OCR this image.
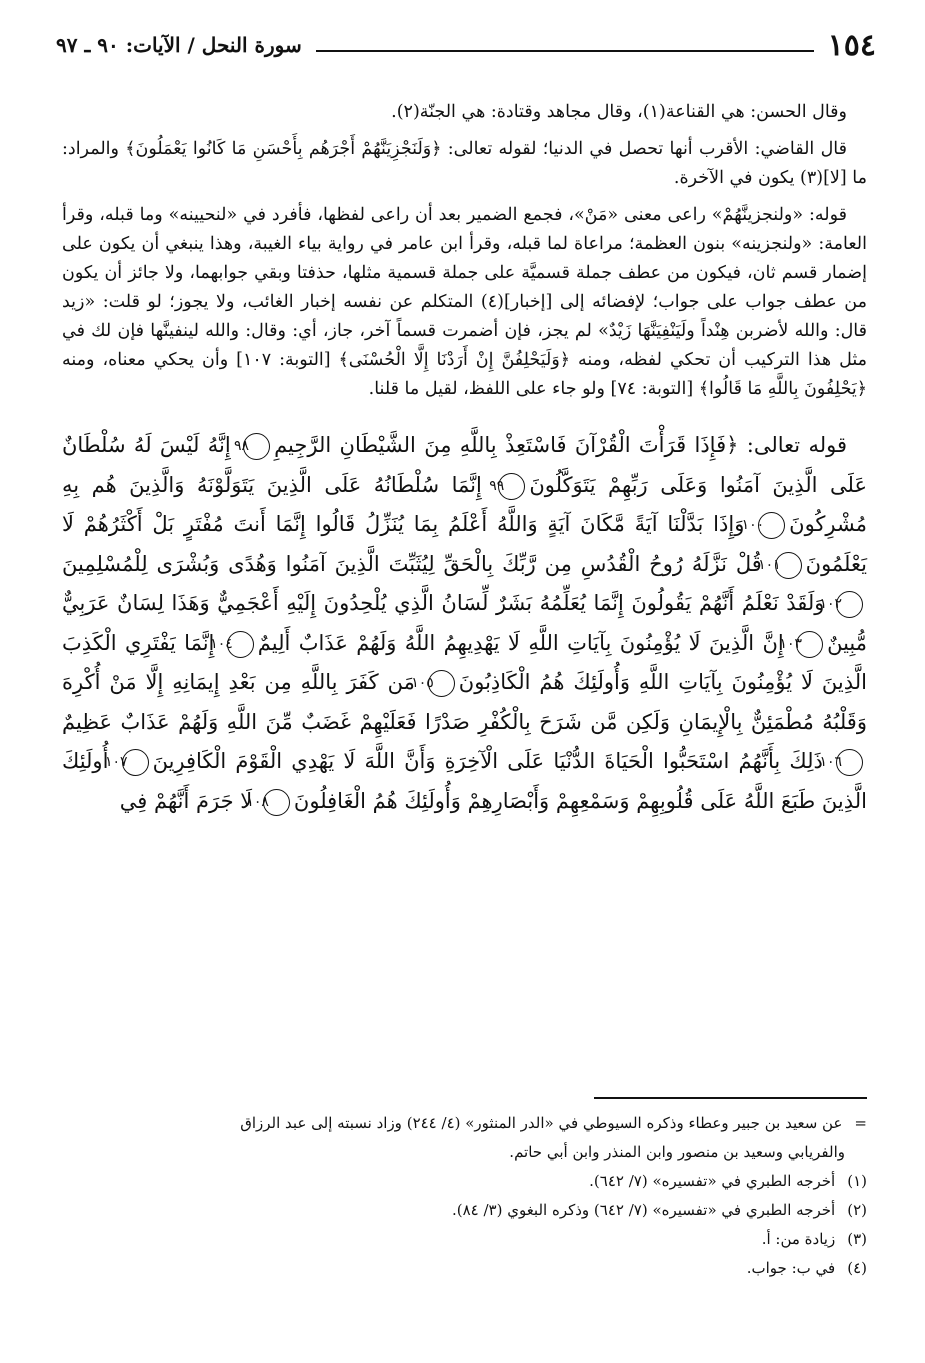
١٥٤
سورة النحل / الآيات: ٩٠ ـ ٩٧

وقال الحسن: هي القناعة(١)، وقال مجاهد وقتادة: هي الجنّة(٢).

قال القاضي: الأقرب أنها تحصل في الدنيا؛ لقوله تعالى: ﴿وَلَنَجْزِيَنَّهُمْ أَجْرَهُم بِأَحْسَنِ مَا كَانُوا يَعْمَلُونَ﴾ والمراد: ما [لا](٣) يكون في الآخرة.

قوله: «ولنجزينَّهُمْ» راعى معنى «مَنْ»، فجمع الضمير بعد أن راعى لفظها، فأفرد في «لنحيينه» وما قبله، وقرأ العامة: «ولنجزينه» بنون العظمة؛ مراعاة لما قبله، وقرأ ابن عامر في رواية بياء الغيبة، وهذا ينبغي أن يكون على إضمار قسم ثان، فيكون من عطف جملة قسميَّة على جملة قسمية مثلها، حذفتا وبقي جوابهما، ولا جائز أن يكون من عطف جواب على جواب؛ لإفضائه إلى [إخبار](٤) المتكلم عن نفسه إخبار الغائب، ولا يجوز؛ لو قلت: «زيد قال: والله لأضربن هِنْداً ولَيَنْفِيَنَّهَا زَيْدٌ» لم يجز، فإن أضمرت قسماً آخر، جاز، أي: وقال: والله لينفينَّها فإن لك في مثل هذا التركيب أن تحكي لفظه، ومنه ﴿وَلَيَحْلِفُنَّ إِنْ أَرَدْنَا إِلَّا الْحُسْنَى﴾ [التوبة: ١٠٧] وأن يحكي معناه، ومنه ﴿يَحْلِفُونَ بِاللَّهِ مَا قَالُوا﴾ [التوبة: ٧٤] ولو جاء على اللفظ، لقيل ما قلنا.

قوله تعالى: ﴿فَإِذَا قَرَأْتَ الْقُرْآنَ فَاسْتَعِذْ بِاللَّهِ مِنَ الشَّيْطَانِ الرَّجِيمِ٩٨ إِنَّهُ لَيْسَ لَهُ سُلْطَانٌ عَلَى الَّذِينَ آمَنُوا وَعَلَى رَبِّهِمْ يَتَوَكَّلُونَ٩٩ إِنَّمَا سُلْطَانُهُ عَلَى الَّذِينَ يَتَوَلَّوْنَهُ وَالَّذِينَ هُم بِهِ مُشْرِكُونَ١٠٠ وَإِذَا بَدَّلْنَا آيَةً مَّكَانَ آيَةٍ وَاللَّهُ أَعْلَمُ بِمَا يُنَزِّلُ قَالُوا إِنَّمَا أَنتَ مُفْتَرٍ بَلْ أَكْثَرُهُمْ لَا يَعْلَمُونَ١٠١ قُلْ نَزَّلَهُ رُوحُ الْقُدُسِ مِن رَّبِّكَ بِالْحَقِّ لِيُثَبِّتَ الَّذِينَ آمَنُوا وَهُدًى وَبُشْرَى لِلْمُسْلِمِينَ١٠٢ وَلَقَدْ نَعْلَمُ أَنَّهُمْ يَقُولُونَ إِنَّمَا يُعَلِّمُهُ بَشَرٌ لِّسَانُ الَّذِي يُلْحِدُونَ إِلَيْهِ أَعْجَمِيٌّ وَهَذَا لِسَانٌ عَرَبِيٌّ مُّبِينٌ١٠٣ إِنَّ الَّذِينَ لَا يُؤْمِنُونَ بِآيَاتِ اللَّهِ لَا يَهْدِيهِمُ اللَّهُ وَلَهُمْ عَذَابٌ أَلِيمٌ١٠٤ إِنَّمَا يَفْتَرِي الْكَذِبَ الَّذِينَ لَا يُؤْمِنُونَ بِآيَاتِ اللَّهِ وَأُولَئِكَ هُمُ الْكَاذِبُونَ١٠٥ مَن كَفَرَ بِاللَّهِ مِن بَعْدِ إِيمَانِهِ إِلَّا مَنْ أُكْرِهَ وَقَلْبُهُ مُطْمَئِنٌّ بِالْإِيمَانِ وَلَكِن مَّن شَرَحَ بِالْكُفْرِ صَدْرًا فَعَلَيْهِمْ غَضَبٌ مِّنَ اللَّهِ وَلَهُمْ عَذَابٌ عَظِيمٌ١٠٦ ذَلِكَ بِأَنَّهُمُ اسْتَحَبُّوا الْحَيَاةَ الدُّنْيَا عَلَى الْآخِرَةِ وَأَنَّ اللَّهَ لَا يَهْدِي الْقَوْمَ الْكَافِرِينَ١٠٧ أُولَئِكَ الَّذِينَ طَبَعَ اللَّهُ عَلَى قُلُوبِهِمْ وَسَمْعِهِمْ وَأَبْصَارِهِمْ وَأُولَئِكَ هُمُ الْغَافِلُونَ١٠٨ لَا جَرَمَ أَنَّهُمْ فِي

=عن سعيد بن جبير وعطاء وذكره السيوطي في «الدر المنثور» (٤/ ٢٤٤) وزاد نسبته إلى عبد الرزاق

والفريابي وسعيد بن منصور وابن المنذر وابن أبي حاتم.

(١)أخرجه الطبري في «تفسيره» (٧/ ٦٤٢).

(٢)أخرجه الطبري في «تفسيره» (٧/ ٦٤٢) وذكره البغوي (٣/ ٨٤).

(٣)زيادة من: أ.

(٤)في ب: جواب.
